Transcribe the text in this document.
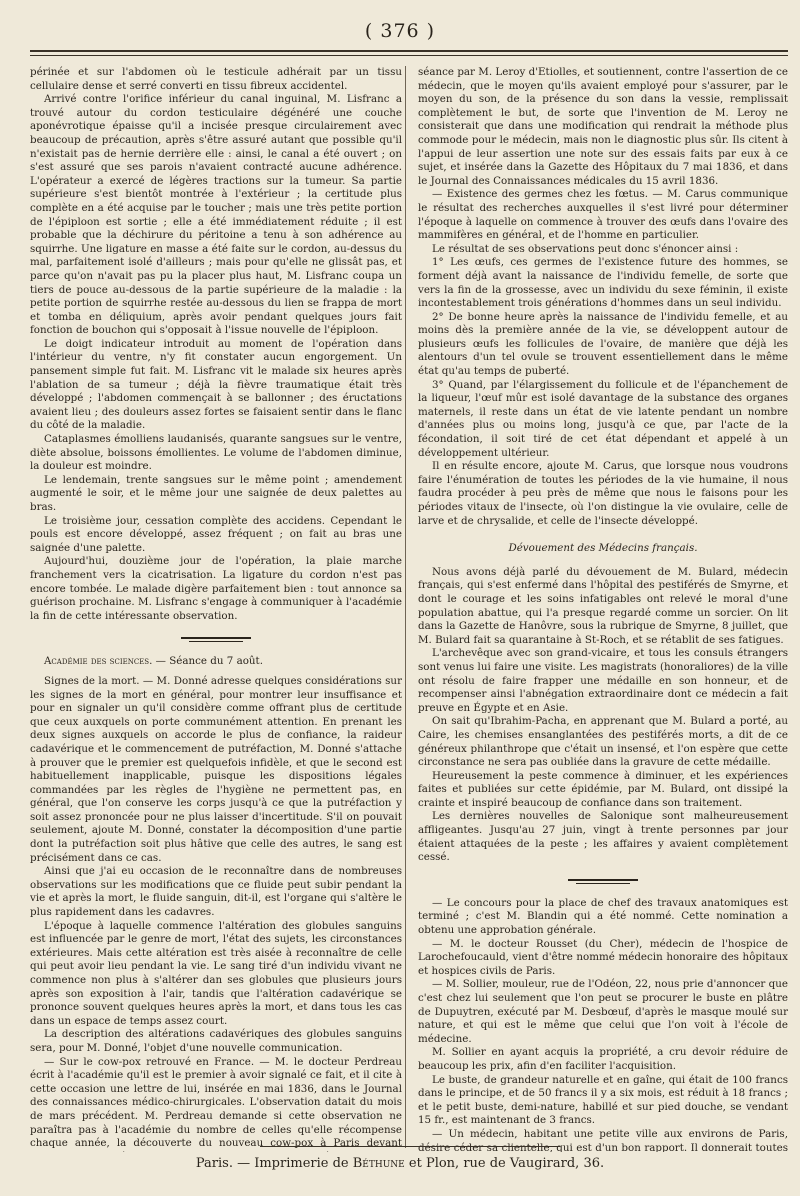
( 376 )

périnée et sur l'abdomen où le testicule adhérait par un tissu cellulaire dense et serré converti en tissu fibreux accidentel.

Arrivé contre l'orifice inférieur du canal inguinal, M. Lisfranc a trouvé autour du cordon testiculaire dégénéré une couche aponévrotique épaisse qu'il a incisée presque circulairement avec beaucoup de précaution, après s'être assuré autant que possible qu'il n'existait pas de hernie derrière elle : ainsi, le canal a été ouvert ; on s'est assuré que ses parois n'avaient contracté aucune adhérence. L'opérateur a exercé de légères tractions sur la tumeur. Sa partie supérieure s'est bientôt montrée à l'extérieur ; la certitude plus complète en a été acquise par le toucher ; mais une très petite portion de l'épiploon est sortie ; elle a été immédiatement réduite ; il est probable que la déchirure du péritoine a tenu à son adhérence au squirrhe. Une ligature en masse a été faite sur le cordon, au-dessus du mal, parfaitement isolé d'ailleurs ; mais pour qu'elle ne glissât pas, et parce qu'on n'avait pas pu la placer plus haut, M. Lisfranc coupa un tiers de pouce au-dessous de la partie supérieure de la maladie : la petite portion de squirrhe restée au-dessous du lien se frappa de mort et tomba en déliquium, après avoir pendant quelques jours fait fonction de bouchon qui s'opposait à l'issue nouvelle de l'épiploon.

Le doigt indicateur introduit au moment de l'opération dans l'intérieur du ventre, n'y fit constater aucun engorgement. Un pansement simple fut fait. M. Lisfranc vit le malade six heures après l'ablation de sa tumeur ; déjà la fièvre traumatique était très développé ; l'abdomen commençait à se ballonner ; des éructations avaient lieu ; des douleurs assez fortes se faisaient sentir dans le flanc du côté de la maladie.

Cataplasmes émolliens laudanisés, quarante sangsues sur le ventre, diète absolue, boissons émollientes. Le volume de l'abdomen diminue, la douleur est moindre.

Le lendemain, trente sangsues sur le même point ; amendement augmenté le soir, et le même jour une saignée de deux palettes au bras.

Le troisième jour, cessation complète des accidens. Cependant le pouls est encore développé, assez fréquent ; on fait au bras une saignée d'une palette.

Aujourd'hui, douzième jour de l'opération, la plaie marche franchement vers la cicatrisation. La ligature du cordon n'est pas encore tombée. Le malade digère parfaitement bien : tout annonce sa guérison prochaine. M. Lisfranc s'engage à communiquer à l'académie la fin de cette intéressante observation.

Académie des sciences. — Séance du 7 août.

Signes de la mort. — M. Donné adresse quelques considérations sur les signes de la mort en général, pour montrer leur insuffisance et pour en signaler un qu'il considère comme offrant plus de certitude que ceux auxquels on porte communément attention. En prenant les deux signes auxquels on accorde le plus de confiance, la raideur cadavérique et le commencement de putréfaction, M. Donné s'attache à prouver que le premier est quelquefois infidèle, et que le second est habituellement inapplicable, puisque les dispositions légales commandées par les règles de l'hygiène ne permettent pas, en général, que l'on conserve les corps jusqu'à ce que la putréfaction y soit assez prononcée pour ne plus laisser d'incertitude. S'il on pouvait seulement, ajoute M. Donné, constater la décomposition d'une partie dont la putréfaction soit plus hâtive que celle des autres, le sang est précisément dans ce cas.

Ainsi que j'ai eu occasion de le reconnaître dans de nombreuses observations sur les modifications que ce fluide peut subir pendant la vie et après la mort, le fluide sanguin, dit-il, est l'organe qui s'altère le plus rapidement dans les cadavres.

L'époque à laquelle commence l'altération des globules sanguins est influencée par le genre de mort, l'état des sujets, les circonstances extérieures. Mais cette altération est très aisée à reconnaître de celle qui peut avoir lieu pendant la vie. Le sang tiré d'un individu vivant ne commence non plus à s'altérer dan ses globules que plusieurs jours après son exposition à l'air, tandis que l'altération cadavérique se prononce souvent quelques heures après la mort, et dans tous les cas dans un espace de temps assez court.

La description des altérations cadavériques des globules sanguins sera, pour M. Donné, l'objet d'une nouvelle communication.

— Sur le cow-pox retrouvé en France. — M. le docteur Perdreau écrit à l'académie qu'il est le premier à avoir signalé ce fait, et il cite à cette occasion une lettre de lui, insérée en mai 1836, dans le Journal des connaissances médico-chirurgicales. L'observation datait du mois de mars précédent. M. Perdreau demande si cette observation ne paraîtra pas à l'académie du nombre de celles qu'elle récompense chaque année, la découverte du nouveau cow-pox à Paris devant

séance par M. Leroy d'Etiolles, et soutiennent, contre l'assertion de ce médecin, que le moyen qu'ils avaient employé pour s'assurer, par le moyen du son, de la présence du son dans la vessie, remplissait complètement le but, de sorte que l'invention de M. Leroy ne consisterait que dans une modification qui rendrait la méthode plus commode pour le médecin, mais non le diagnostic plus sûr. Ils citent à l'appui de leur assertion une note sur des essais faits par eux à ce sujet, et insérée dans la Gazette des Hôpitaux du 7 mai 1836, et dans le Journal des Connaissances médicales du 15 avril 1836.

— Existence des germes chez les fœtus. — M. Carus communique le résultat des recherches auxquelles il s'est livré pour déterminer l'époque à laquelle on commence à trouver des œufs dans l'ovaire des mammifères en général, et de l'homme en particulier.

Le résultat de ses observations peut donc s'énoncer ainsi :

1° Les œufs, ces germes de l'existence future des hommes, se forment déjà avant la naissance de l'individu femelle, de sorte que vers la fin de la grossesse, avec un individu du sexe féminin, il existe incontestablement trois générations d'hommes dans un seul individu.

2° De bonne heure après la naissance de l'individu femelle, et au moins dès la première année de la vie, se développent autour de plusieurs œufs les follicules de l'ovaire, de manière que déjà les alentours d'un tel ovule se trouvent essentiellement dans le même état qu'au temps de puberté.

3° Quand, par l'élargissement du follicule et de l'épanchement de la liqueur, l'œuf mûr est isolé davantage de la substance des organes maternels, il reste dans un état de vie latente pendant un nombre d'années plus ou moins long, jusqu'à ce que, par l'acte de la fécondation, il soit tiré de cet état dépendant et appelé à un développement ultérieur.

Il en résulte encore, ajoute M. Carus, que lorsque nous voudrons faire l'énumération de toutes les périodes de la vie humaine, il nous faudra procéder à peu près de même que nous le faisons pour les périodes vitaux de l'insecte, où l'on distingue la vie ovulaire, celle de larve et de chrysalide, et celle de l'insecte développé.

Dévouement des Médecins français.

Nous avons déjà parlé du dévouement de M. Bulard, médecin français, qui s'est enfermé dans l'hôpital des pestiférés de Smyrne, et dont le courage et les soins infatigables ont relevé le moral d'une population abattue, qui l'a presque regardé comme un sorcier. On lit dans la Gazette de Hanôvre, sous la rubrique de Smyrne, 8 juillet, que M. Bulard fait sa quarantaine à St-Roch, et se rétablit de ses fatigues.

L'archevêque avec son grand-vicaire, et tous les consuls étrangers sont venus lui faire une visite. Les magistrats (honoraliores) de la ville ont résolu de faire frapper une médaille en son honneur, et de recompenser ainsi l'abnégation extraordinaire dont ce médecin a fait preuve en Égypte et en Asie.

On sait qu'Ibrahim-Pacha, en apprenant que M. Bulard a porté, au Caire, les chemises ensanglantées des pestiférés morts, a dit de ce généreux philanthrope que c'était un insensé, et l'on espère que cette circonstance ne sera pas oubliée dans la gravure de cette médaille.

Heureusement la peste commence à diminuer, et les expériences faites et publiées sur cette épidémie, par M. Bulard, ont dissipé la crainte et inspiré beaucoup de confiance dans son traitement.

Les dernières nouvelles de Salonique sont malheureusement affligeantes. Jusqu'au 27 juin, vingt à trente personnes par jour étaient attaquées de la peste ; les affaires y avaient complètement cessé.

— Le concours pour la place de chef des travaux anatomiques est terminé ; c'est M. Blandin qui a été nommé. Cette nomination a obtenu une approbation générale.

— M. le docteur Rousset (du Cher), médecin de l'hospice de Larochefoucauld, vient d'être nommé médecin honoraire des hôpitaux et hospices civils de Paris.

— M. Sollier, mouleur, rue de l'Odéon, 22, nous prie d'annoncer que c'est chez lui seulement que l'on peut se procurer le buste en plâtre de Dupuytren, exécuté par M. Desbœuf, d'après le masque moulé sur nature, et qui est le même que celui que l'on voit à l'école de médecine.

M. Sollier en ayant acquis la propriété, a cru devoir réduire de beaucoup les prix, afin d'en faciliter l'acquisition.

Le buste, de grandeur naturelle et en gaîne, qui était de 100 francs dans le principe, et de 50 francs il y a six mois, est réduit à 18 francs ; et le petit buste, demi-nature, habillé et sur pied douche, se vendant 15 fr., est maintenant de 3 francs.

— Un médecin, habitant une petite ville aux environs de Paris, désire céder sa clientelle, qui est d'un bon rapport. Il donnerait toutes

Paris. — Imprimerie de Béthune et Plon, rue de Vaugirard, 36.
